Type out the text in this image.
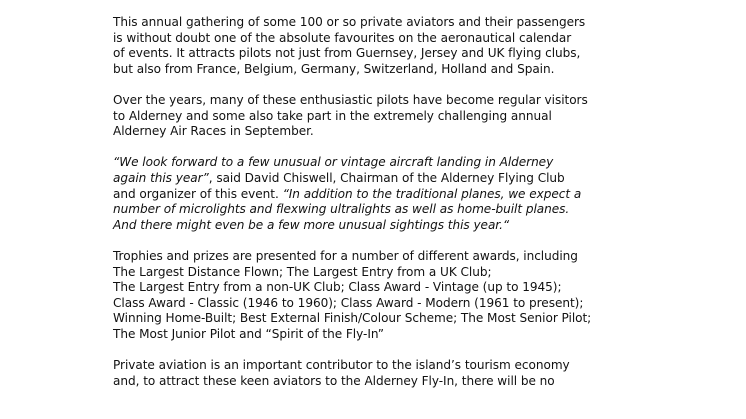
This annual gathering of some 100 or so private aviators and their passengers
is without doubt one of the absolute favourites on the aeronautical calendar
of events. It attracts pilots not just from Guernsey, Jersey and UK flying clubs,
but also from France, Belgium, Germany, Switzerland, Holland and Spain.

Over the years, many of these enthusiastic pilots have become regular visitors
to Alderney and some also take part in the extremely challenging annual
Alderney Air Races in September.

“We look forward to a few unusual or vintage aircraft landing in Alderney
again this year”, said David Chiswell, Chairman of the Alderney Flying Club
and organizer of this event. “In addition to the traditional planes, we expect a
number of microlights and flexwing ultralights as well as home-built planes.
And there might even be a few more unusual sightings this year.“

Trophies and prizes are presented for a number of different awards, including
The Largest Distance Flown; The Largest Entry from a UK Club;
The Largest Entry from a non-UK Club; Class Award - Vintage (up to 1945);
Class Award - Classic (1946 to 1960); Class Award - Modern (1961 to present);
Winning Home-Built; Best External Finish/Colour Scheme; The Most Senior Pilot;
The Most Junior Pilot and “Spirit of the Fly-In”

Private aviation is an important contributor to the island’s tourism economy
and, to attract these keen aviators to the Alderney Fly-In, there will be no
